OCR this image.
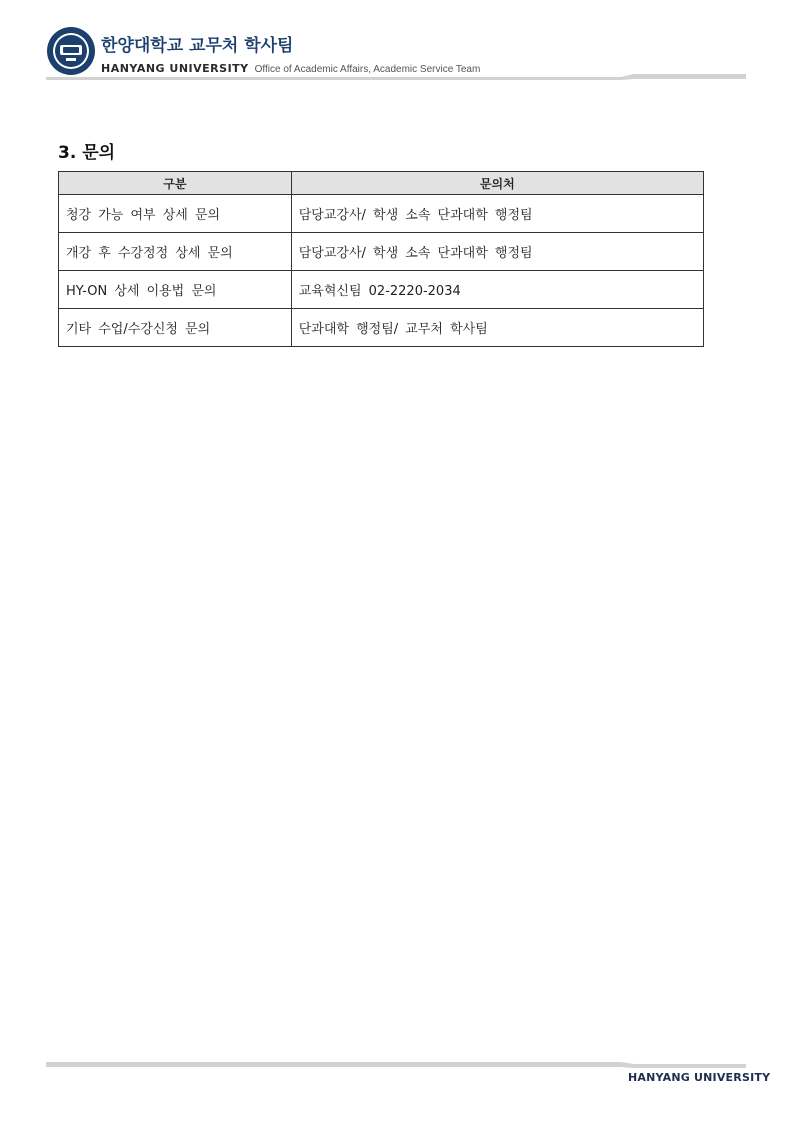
한양대학교 교무처 학사팀
HANYANG UNIVERSITY Office of Academic Affairs, Academic Service Team
3. 문의
구분	문의처
청강 가능 여부 상세 문의	담당교강사/ 학생 소속 단과대학 행정팀
개강 후 수강정정 상세 문의	담당교강사/ 학생 소속 단과대학 행정팀
HY-ON 상세 이용법 문의	교육혁신팀 02-2220-2034
기타 수업/수강신청 문의	단과대학 행정팀/ 교무처 학사팀
HANYANG UNIVERSITY
